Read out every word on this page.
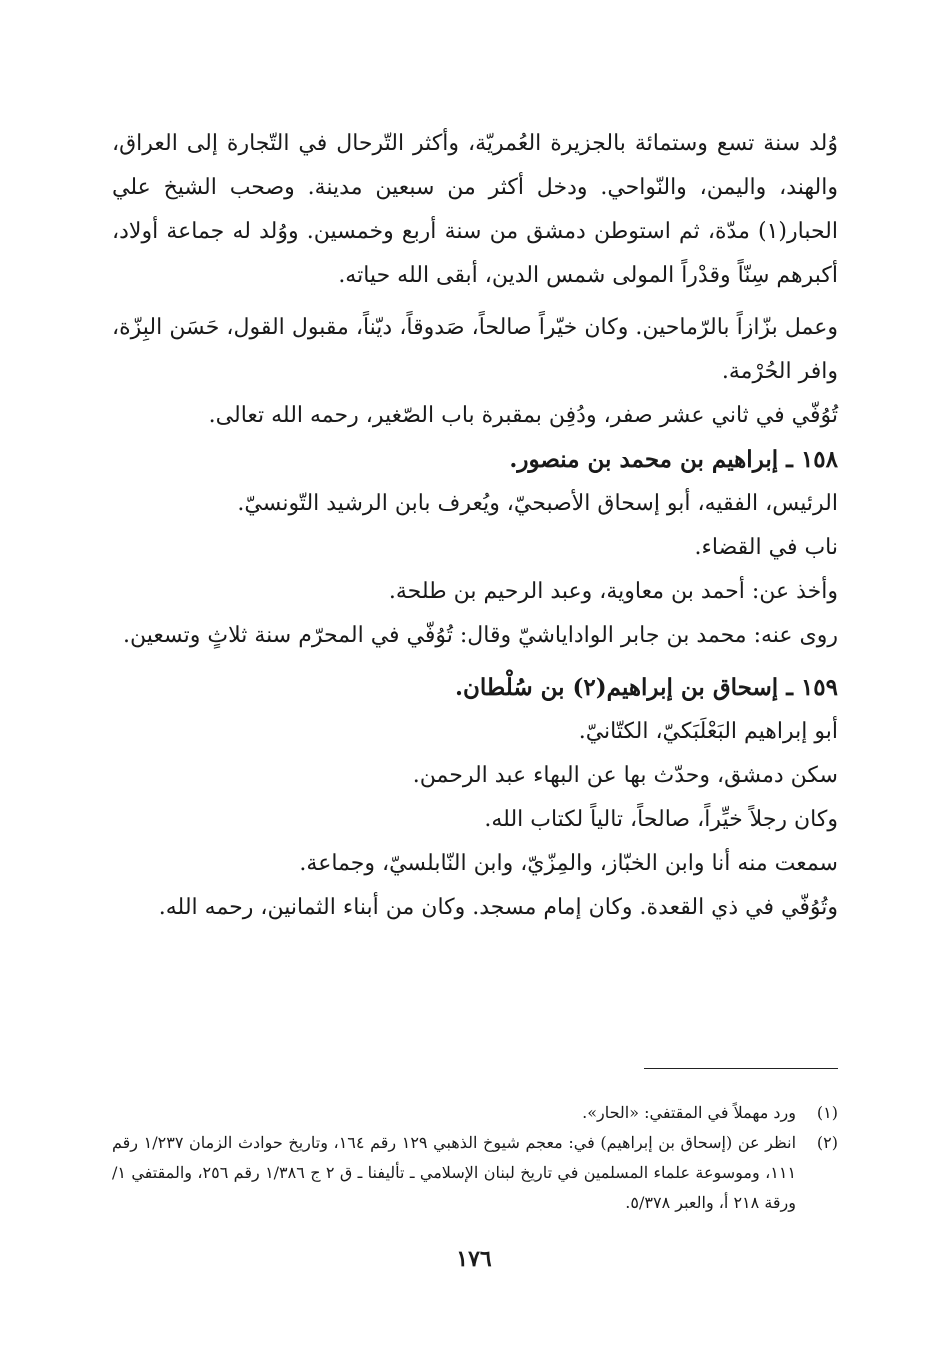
وُلد سنة تسع وستمائة بالجزيرة العُمريّة، وأكثر التّرحال في التّجارة إلى العراق، والهند، واليمن، والنّواحي. ودخل أكثر من سبعين مدينة. وصحب الشيخ علي الحبار(١) مدّة، ثم استوطن دمشق من سنة أربع وخمسين. ووُلد له جماعة أولاد، أكبرهم سِنّاً وقدْراً المولى شمس الدين، أبقى الله حياته.

وعمل بزّازاً بالرّماحين. وكان خيّراً صالحاً، صَدوقاً، ديّناً، مقبول القول، حَسَن البِزّة، وافر الحُرْمة.

تُوُفّي في ثاني عشر صفر، ودُفِن بمقبرة باب الصّغير، رحمه الله تعالى.

١٥٨ ـ إبراهيم بن محمد بن منصور.

الرئيس، الفقيه، أبو إسحاق الأصبحيّ، ويُعرف بابن الرشيد التّونسيّ.

ناب في القضاء.

وأخذ عن: أحمد بن معاوية، وعبد الرحيم بن طلحة.

روى عنه: محمد بن جابر الواداياشيّ وقال: تُوُفّي في المحرّم سنة ثلاثٍ وتسعين.

١٥٩ ـ إسحاق بن إبراهيم(٢) بن سُلْطان.

أبو إبراهيم البَعْلَبَكيّ، الكتّانيّ.

سكن دمشق، وحدّث بها عن البهاء عبد الرحمن.

وكان رجلاً خيِّراً، صالحاً، تالياً لكتاب الله.

سمعت منه أنا وابن الخبّاز، والمِزّيّ، وابن النّابلسيّ، وجماعة.

وتُوُفّي في ذي القعدة. وكان إمام مسجد. وكان من أبناء الثمانين، رحمه الله.

(١)
ورد مهملاً في المقتفي: «الحار».

(٢)
انظر عن (إسحاق بن إبراهيم) في: معجم شيوخ الذهبي ١٢٩ رقم ١٦٤، وتاريخ حوادث الزمان ١/٢٣٧ رقم ١١١، وموسوعة علماء المسلمين في تاريخ لبنان الإسلامي ـ تأليفنا ـ ق ٢ ج ١/٣٨٦ رقم ٢٥٦، والمقتفي ١/ورقة ٢١٨ أ، والعبر ٥/٣٧٨.

١٧٦
